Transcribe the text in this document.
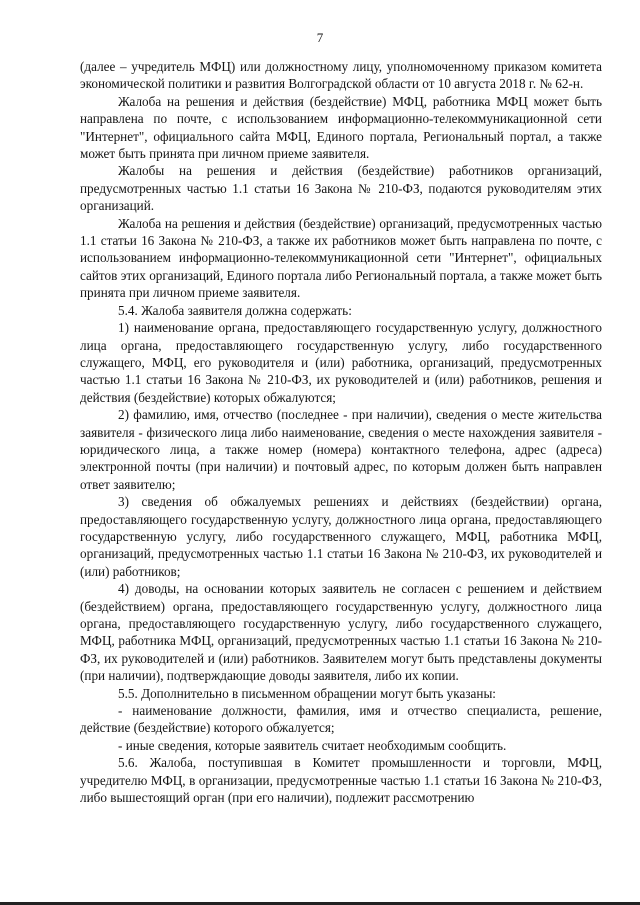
7

(далее – учредитель МФЦ) или должностному лицу, уполномоченному приказом комитета экономической политики и развития Волгоградской области от 10 августа 2018 г. № 62-н.

Жалоба на решения и действия (бездействие) МФЦ, работника МФЦ может быть направлена по почте, с использованием информационно-телекоммуникационной сети "Интернет", официального сайта МФЦ, Единого портала, Региональный портал, а также может быть принята при личном приеме заявителя.

Жалобы на решения и действия (бездействие) работников организаций, предусмотренных частью 1.1 статьи 16 Закона № 210-ФЗ, подаются руководителям этих организаций.

Жалоба на решения и действия (бездействие) организаций, предусмотренных частью 1.1 статьи 16 Закона № 210-ФЗ, а также их работников может быть направлена по почте, с использованием информационно-телекоммуникационной сети "Интернет", официальных сайтов этих организаций, Единого портала либо Региональный портала, а также может быть принята при личном приеме заявителя.

5.4. Жалоба заявителя должна содержать:

1) наименование органа, предоставляющего государственную услугу, должностного лица органа, предоставляющего государственную услугу, либо государственного служащего, МФЦ, его руководителя и (или) работника, организаций, предусмотренных частью 1.1 статьи 16 Закона № 210-ФЗ, их руководителей и (или) работников, решения и действия (бездействие) которых обжалуются;

2) фамилию, имя, отчество (последнее - при наличии), сведения о месте жительства заявителя - физического лица либо наименование, сведения о месте нахождения заявителя - юридического лица, а также номер (номера) контактного телефона, адрес (адреса) электронной почты (при наличии) и почтовый адрес, по которым должен быть направлен ответ заявителю;

3) сведения об обжалуемых решениях и действиях (бездействии) органа, предоставляющего государственную услугу, должностного лица органа, предоставляющего государственную услугу, либо государственного служащего, МФЦ, работника МФЦ, организаций, предусмотренных частью 1.1 статьи 16 Закона № 210-ФЗ, их руководителей и (или) работников;

4) доводы, на основании которых заявитель не согласен с решением и действием (бездействием) органа, предоставляющего государственную услугу, должностного лица органа, предоставляющего государственную услугу, либо государственного служащего, МФЦ, работника МФЦ, организаций, предусмотренных частью 1.1 статьи 16 Закона № 210-ФЗ, их руководителей и (или) работников. Заявителем могут быть представлены документы (при наличии), подтверждающие доводы заявителя, либо их копии.

5.5. Дополнительно в письменном обращении могут быть указаны:

- наименование должности, фамилия, имя и отчество специалиста, решение, действие (бездействие) которого обжалуется;

- иные сведения, которые заявитель считает необходимым сообщить.

5.6. Жалоба, поступившая в Комитет промышленности и торговли, МФЦ, учредителю МФЦ, в организации, предусмотренные частью 1.1 статьи 16 Закона № 210-ФЗ, либо вышестоящий орган (при его наличии), подлежит рассмотрению
